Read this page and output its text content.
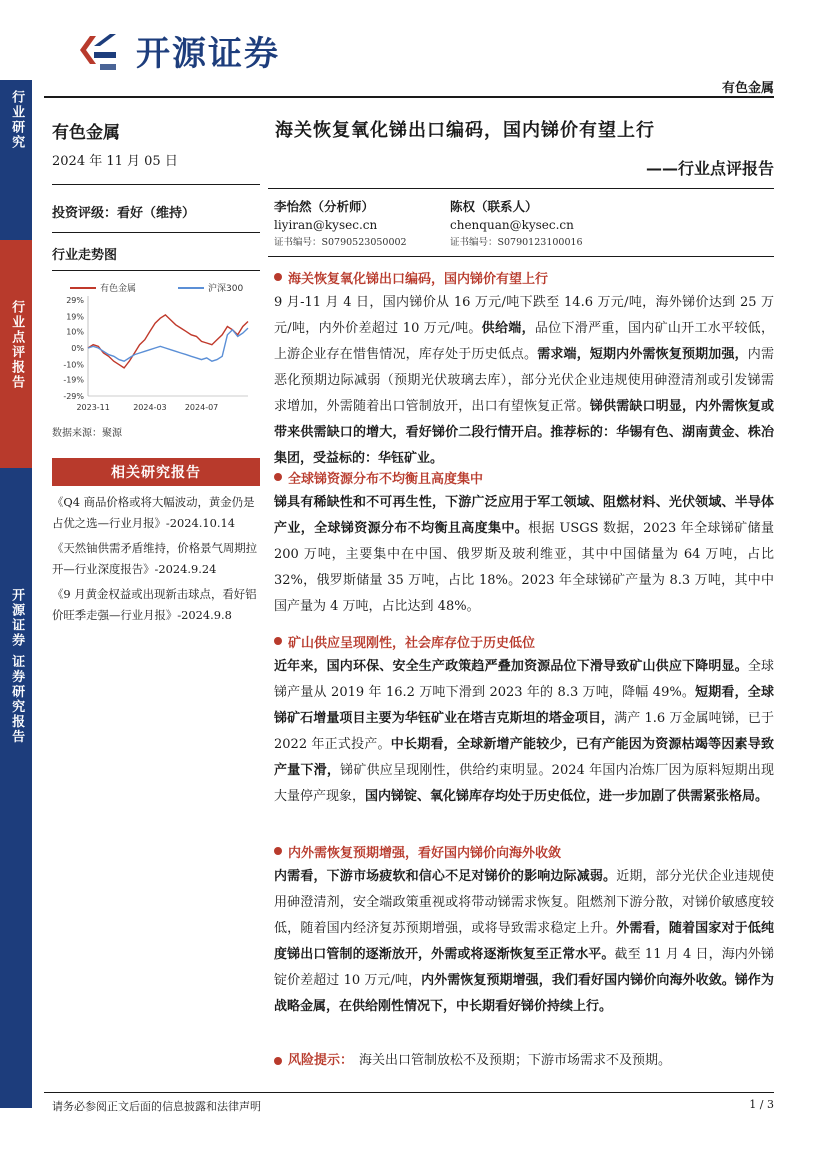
开源证券
有色金属
行业研究
行业点评报告
开源证券 证券研究报告
有色金属
2024 年 11 月 05 日
投资评级：看好（维持）
行业走势图
有色金属	沪深300
29%
19%
10%
0%
-10%
-19%
-29%
2023-11	2024-03 2024-07
数据来源：聚源
相关研究报告
《Q4 商品价格或将大幅波动，黄金仍是占优之选—行业月报》-2024.10.14
《天然铀供需矛盾维持，价格景气周期拉开—行业深度报告》-2024.9.24
《9 月黄金权益或出现新击球点，看好铝价旺季走强—行业月报》-2024.9.8
海关恢复氧化锑出口编码，国内锑价有望上行
——行业点评报告
李怡然（分析师）
liyiran@kysec.cn
证书编号：S0790523050002
陈权（联系人）
chenquan@kysec.cn
证书编号：S0790123100016
海关恢复氧化锑出口编码，国内锑价有望上行
9 月-11 月 4 日，国内锑价从 16 万元/吨下跌至 14.6 万元/吨，海外锑价达到 25 万元/吨，内外价差超过 10 万元/吨。供给端，品位下滑严重，国内矿山开工水平较低，上游企业存在惜售情况，库存处于历史低点。需求端，短期内外需恢复预期加强，内需恶化预期边际减弱（预期光伏玻璃去库），部分光伏企业违规使用砷澄清剂或引发锑需求增加，外需随着出口管制放开，出口有望恢复正常。锑供需缺口明显，内外需恢复或带来供需缺口的增大，看好锑价二段行情开启。推荐标的：华锡有色、湖南黄金、株冶集团，受益标的：华钰矿业。
全球锑资源分布不均衡且高度集中
锑具有稀缺性和不可再生性，下游广泛应用于军工领域、阻燃材料、光伏领域、半导体产业，全球锑资源分布不均衡且高度集中。根据 USGS 数据，2023 年全球锑矿储量 200 万吨，主要集中在中国、俄罗斯及玻利维亚，其中中国储量为 64 万吨，占比 32%，俄罗斯储量 35 万吨，占比 18%。2023 年全球锑矿产量为 8.3 万吨，其中中国产量为 4 万吨，占比达到 48%。
矿山供应呈现刚性，社会库存位于历史低位
近年来，国内环保、安全生产政策趋严叠加资源品位下滑导致矿山供应下降明显。全球锑产量从 2019 年 16.2 万吨下滑到 2023 年的 8.3 万吨，降幅 49%。短期看，全球锑矿石增量项目主要为华钰矿业在塔吉克斯坦的塔金项目，满产 1.6 万金属吨锑，已于 2022 年正式投产。中长期看，全球新增产能较少，已有产能因为资源枯竭等因素导致产量下滑，锑矿供应呈现刚性，供给约束明显。2024 年国内冶炼厂因为原料短期出现大量停产现象，国内锑锭、氧化锑库存均处于历史低位，进一步加剧了供需紧张格局。
内外需恢复预期增强，看好国内锑价向海外收敛
内需看，下游市场疲软和信心不足对锑价的影响边际减弱。近期，部分光伏企业违规使用砷澄清剂，安全端政策重视或将带动锑需求恢复。阻燃剂下游分散，对锑价敏感度较低，随着国内经济复苏预期增强，或将导致需求稳定上升。外需看，随着国家对于低纯度锑出口管制的逐渐放开，外需或将逐渐恢复至正常水平。截至 11 月 4 日，海内外锑锭价差超过 10 万元/吨，内外需恢复预期增强，我们看好国内锑价向海外收敛。锑作为战略金属，在供给刚性情况下，中长期看好锑价持续上行。
风险提示： 海关出口管制放松不及预期；下游市场需求不及预期。
请务必参阅正文后面的信息披露和法律声明	1 / 3
